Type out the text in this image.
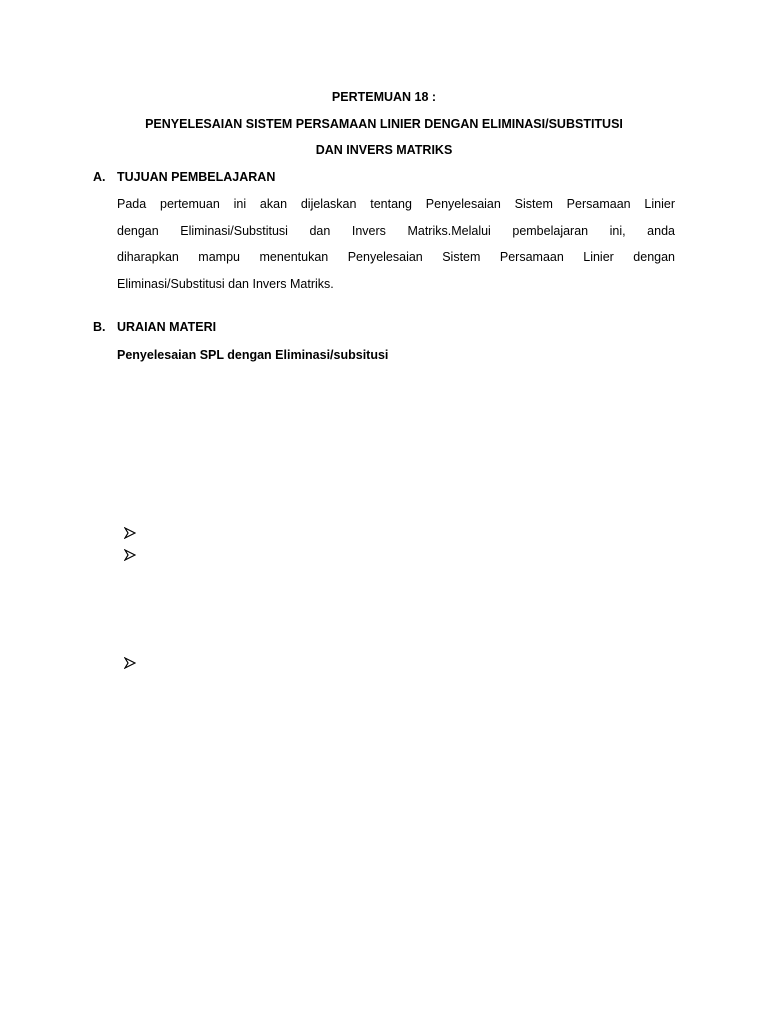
PERTEMUAN 18 :
PENYELESAIAN SISTEM PERSAMAAN LINIER DENGAN ELIMINASI/SUBSTITUSI
DAN INVERS MATRIKS
A. TUJUAN PEMBELAJARAN
Pada pertemuan ini akan dijelaskan tentang Penyelesaian Sistem Persamaan Linier
dengan Eliminasi/Substitusi dan Invers Matriks.Melalui pembelajaran ini, anda
diharapkan mampu menentukan Penyelesaian Sistem Persamaan Linier dengan
Eliminasi/Substitusi dan Invers Matriks.
B. URAIAN MATERI
Penyelesaian SPL dengan Eliminasi/subsitusi
